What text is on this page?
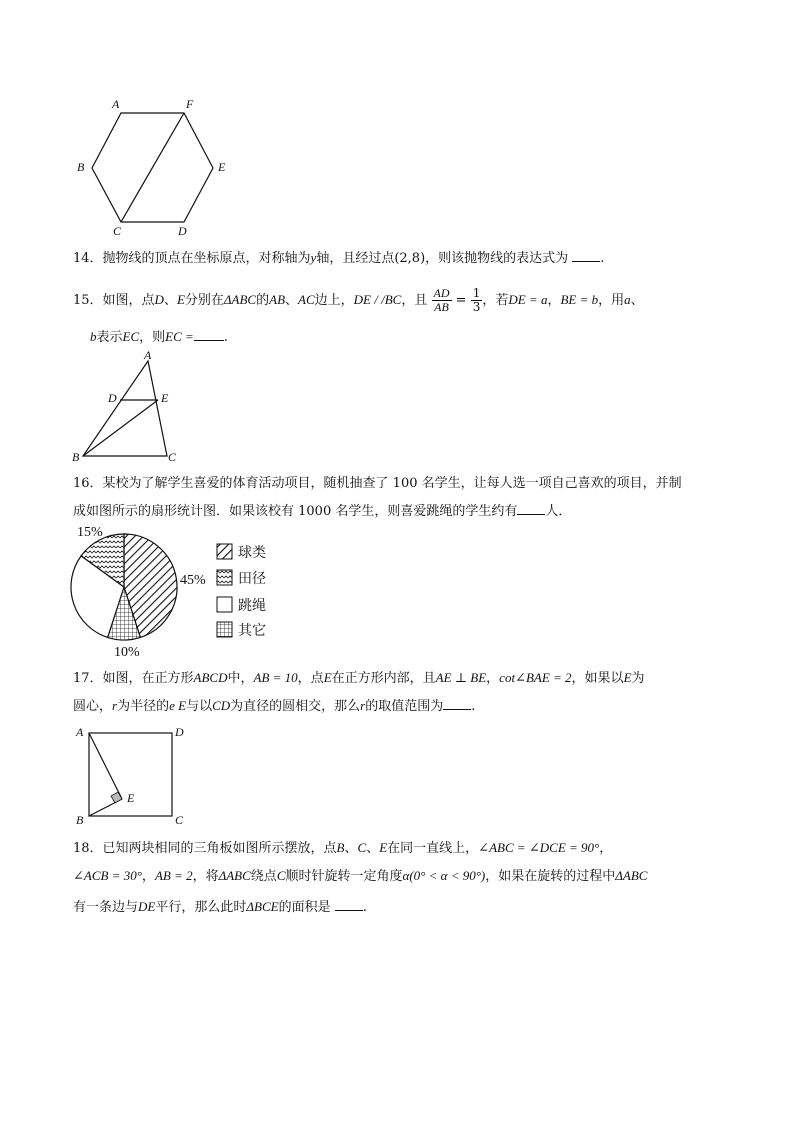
A	F
B	E
C	D
14．抛物线的顶点在坐标原点，对称轴为y轴，且经过点(2,8)，则该抛物线的表达式为 .
15．如图，点D、E分别在ΔABC的AB、AC边上，DE / /BC，且 $\frac{AD}{AB} = \frac{1}{3}$ ，若DE = a，BE = b，用a、
b表示EC，则EC = .
A
D	E
B	C
16．某校为了解学生喜爱的体育活动项目，随机抽查了 100 名学生，让每人选一项自己喜欢的项目，并制
成如图所示的扇形统计图．如果该校有 1000 名学生，则喜爱跳绳的学生约有 人．
15%
45%
10%
球类
田径
跳绳
其它
17．如图，在正方形ABCD中，AB = 10，点E在正方形内部，且AE ⊥ BE，cot∠BAE = 2，如果以E为
圆心，r为半径的e E与以CD为直径的圆相交，那么r的取值范围为 .
A	D
E
B	C
18．已知两块相同的三角板如图所示摆放，点B、C、E在同一直线上，∠ABC = ∠DCE = 90°，
∠ACB = 30°，AB = 2，将ΔABC绕点C顺时针旋转一定角度α(0° < α < 90°)，如果在旋转的过程中ΔABC
有一条边与DE平行，那么此时ΔBCE的面积是 .
